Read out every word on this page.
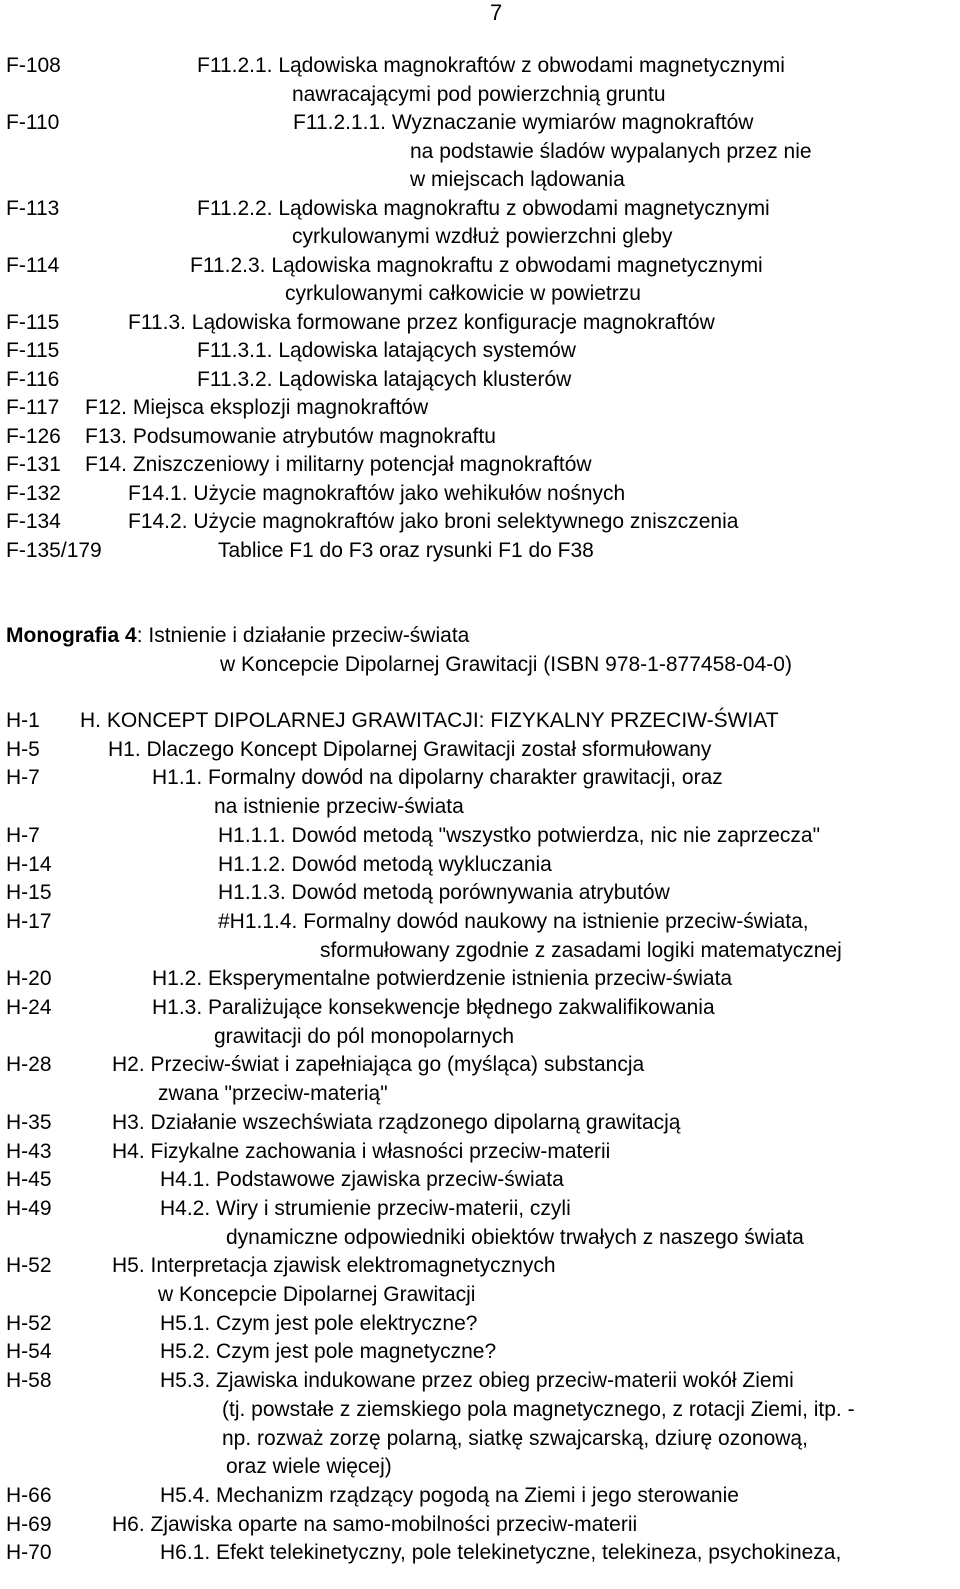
7
F-108	F11.2.1. Lądowiska magnokraftów z obwodami magnetycznymi
nawracającymi pod powierzchnią gruntu
F-110	F11.2.1.1. Wyznaczanie wymiarów magnokraftów
na podstawie śladów wypalanych przez nie
w miejscach lądowania
F-113	F11.2.2. Lądowiska magnokraftu z obwodami magnetycznymi
cyrkulowanymi wzdłuż powierzchni gleby
F-114	F11.2.3. Lądowiska magnokraftu z obwodami magnetycznymi
cyrkulowanymi całkowicie w powietrzu
F-115	F11.3. Lądowiska formowane przez konfiguracje magnokraftów
F-115	F11.3.1. Lądowiska latających systemów
F-116	F11.3.2. Lądowiska latających klusterów
F-117 F12. Miejsca eksplozji magnokraftów
F-126 F13. Podsumowanie atrybutów magnokraftu
F-131 F14. Zniszczeniowy i militarny potencjał magnokraftów
F-132	F14.1. Użycie magnokraftów jako wehikułów nośnych
F-134	F14.2. Użycie magnokraftów jako broni selektywnego zniszczenia
F-135/179	Tablice F1 do F3 oraz rysunki F1 do F38
Monografia 4: Istnienie i działanie przeciw-świata
w Koncepcie Dipolarnej Grawitacji (ISBN 978-1-877458-04-0)
H-1 H. KONCEPT DIPOLARNEJ GRAWITACJI: FIZYKALNY PRZECIW-ŚWIAT
H-5	H1. Dlaczego Koncept Dipolarnej Grawitacji został sformułowany
H-7	H1.1. Formalny dowód na dipolarny charakter grawitacji, oraz
na istnienie przeciw-świata
H-7	H1.1.1. Dowód metodą "wszystko potwierdza, nic nie zaprzecza"
H-14	H1.1.2. Dowód metodą wykluczania
H-15	H1.1.3. Dowód metodą porównywania atrybutów
H-17	#H1.1.4. Formalny dowód naukowy na istnienie przeciw-świata,
sformułowany zgodnie z zasadami logiki matematycznej
H-20	H1.2. Eksperymentalne potwierdzenie istnienia przeciw-świata
H-24	H1.3. Paraliżujące konsekwencje błędnego zakwalifikowania
grawitacji do pól monopolarnych
H-28	H2. Przeciw-świat i zapełniająca go (myśląca) substancja
zwana "przeciw-materią"
H-35	H3. Działanie wszechświata rządzonego dipolarną grawitacją
H-43	H4. Fizykalne zachowania i własności przeciw-materii
H-45	H4.1. Podstawowe zjawiska przeciw-świata
H-49	H4.2. Wiry i strumienie przeciw-materii, czyli
dynamiczne odpowiedniki obiektów trwałych z naszego świata
H-52	H5. Interpretacja zjawisk elektromagnetycznych
w Koncepcie Dipolarnej Grawitacji
H-52	H5.1. Czym jest pole elektryczne?
H-54	H5.2. Czym jest pole magnetyczne?
H-58	H5.3. Zjawiska indukowane przez obieg przeciw-materii wokół Ziemi
(tj. powstałe z ziemskiego pola magnetycznego, z rotacji Ziemi, itp. -
np. rozważ zorzę polarną, siatkę szwajcarską, dziurę ozonową,
oraz wiele więcej)
H-66	H5.4. Mechanizm rządzący pogodą na Ziemi i jego sterowanie
H-69	H6. Zjawiska oparte na samo-mobilności przeciw-materii
H-70	H6.1. Efekt telekinetyczny, pole telekinetyczne, telekineza, psychokineza,
